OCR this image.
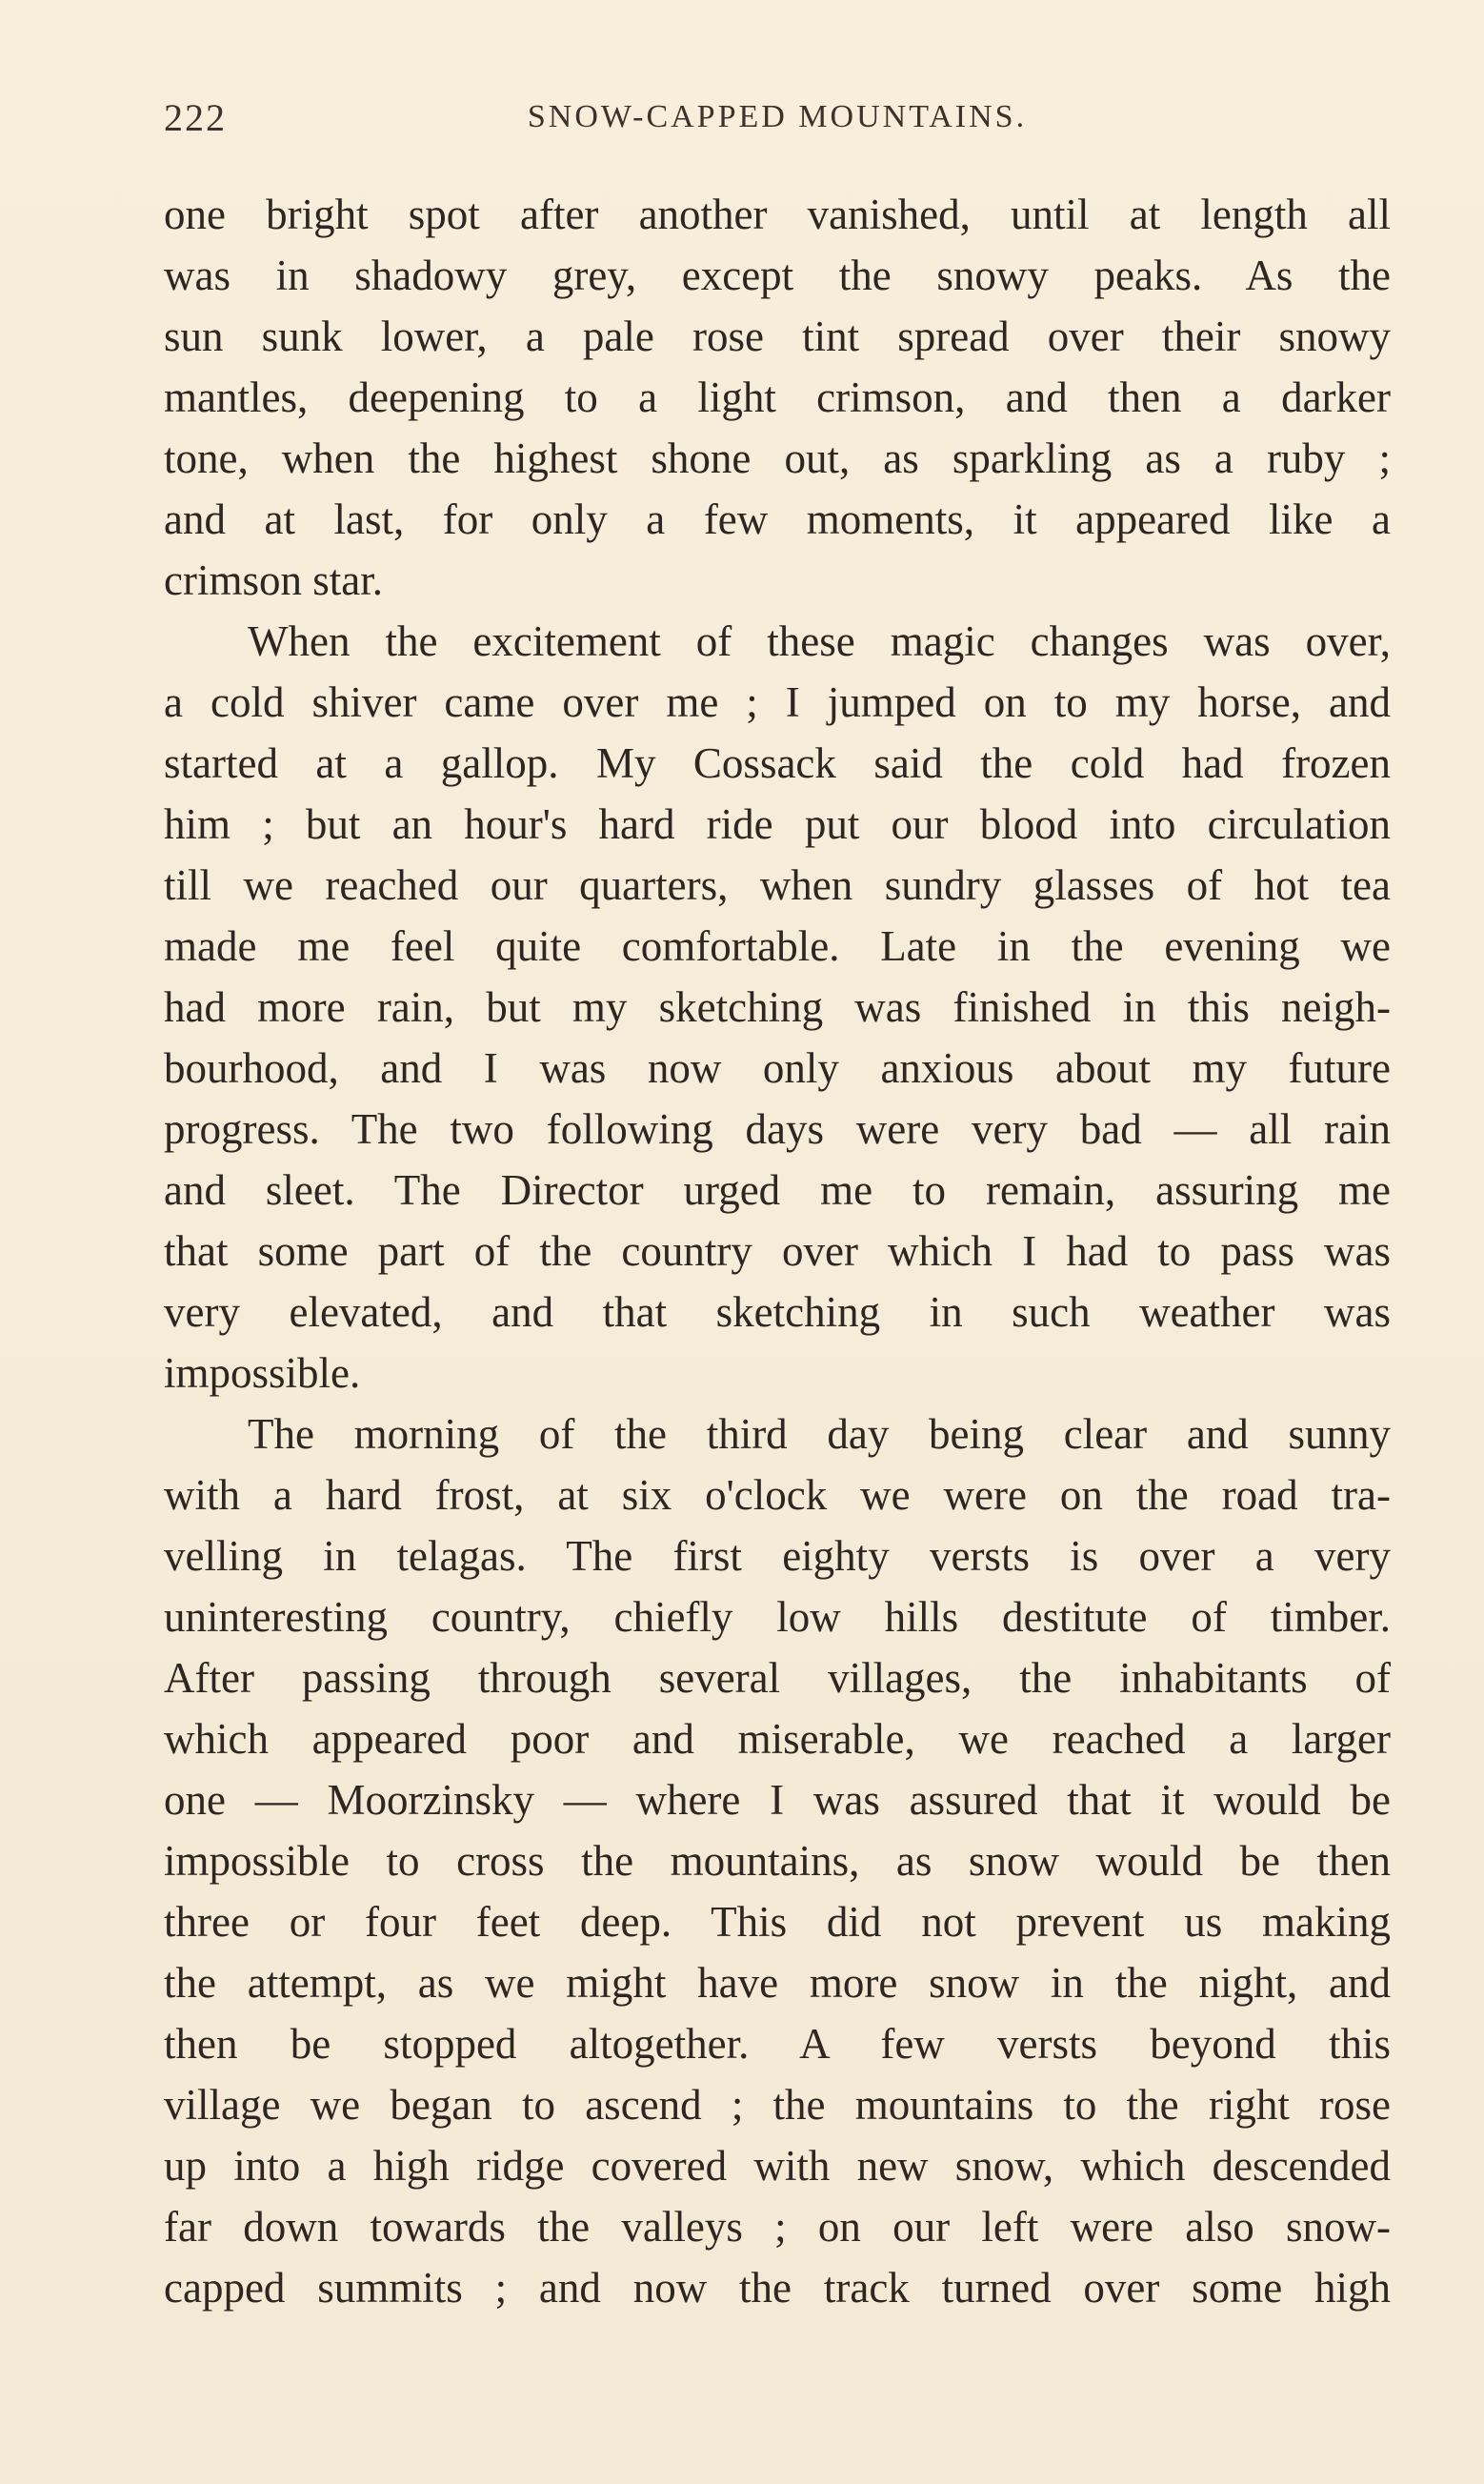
222	SNOW-CAPPED MOUNTAINS.
one bright spot after another vanished, until at length all
was in shadowy grey, except the snowy peaks. As the
sun sunk lower, a pale rose tint spread over their snowy
mantles, deepening to a light crimson, and then a darker
tone, when the highest shone out, as sparkling as a ruby ;
and at last, for only a few moments, it appeared like a
crimson star.
When the excitement of these magic changes was over,
a cold shiver came over me ; I jumped on to my horse, and
started at a gallop. My Cossack said the cold had frozen
him ; but an hour's hard ride put our blood into circulation
till we reached our quarters, when sundry glasses of hot tea
made me feel quite comfortable. Late in the evening we
had more rain, but my sketching was finished in this neigh-
bourhood, and I was now only anxious about my future
progress. The two following days were very bad — all rain
and sleet. The Director urged me to remain, assuring me
that some part of the country over which I had to pass was
very elevated, and that sketching in such weather was
impossible.
The morning of the third day being clear and sunny
with a hard frost, at six o'clock we were on the road tra-
velling in telagas. The first eighty versts is over a very
uninteresting country, chiefly low hills destitute of timber.
After passing through several villages, the inhabitants of
which appeared poor and miserable, we reached a larger
one — Moorzinsky — where I was assured that it would be
impossible to cross the mountains, as snow would be then
three or four feet deep. This did not prevent us making
the attempt, as we might have more snow in the night, and
then be stopped altogether. A few versts beyond this
village we began to ascend ; the mountains to the right rose
up into a high ridge covered with new snow, which descended
far down towards the valleys ; on our left were also snow-
capped summits ; and now the track turned over some high
